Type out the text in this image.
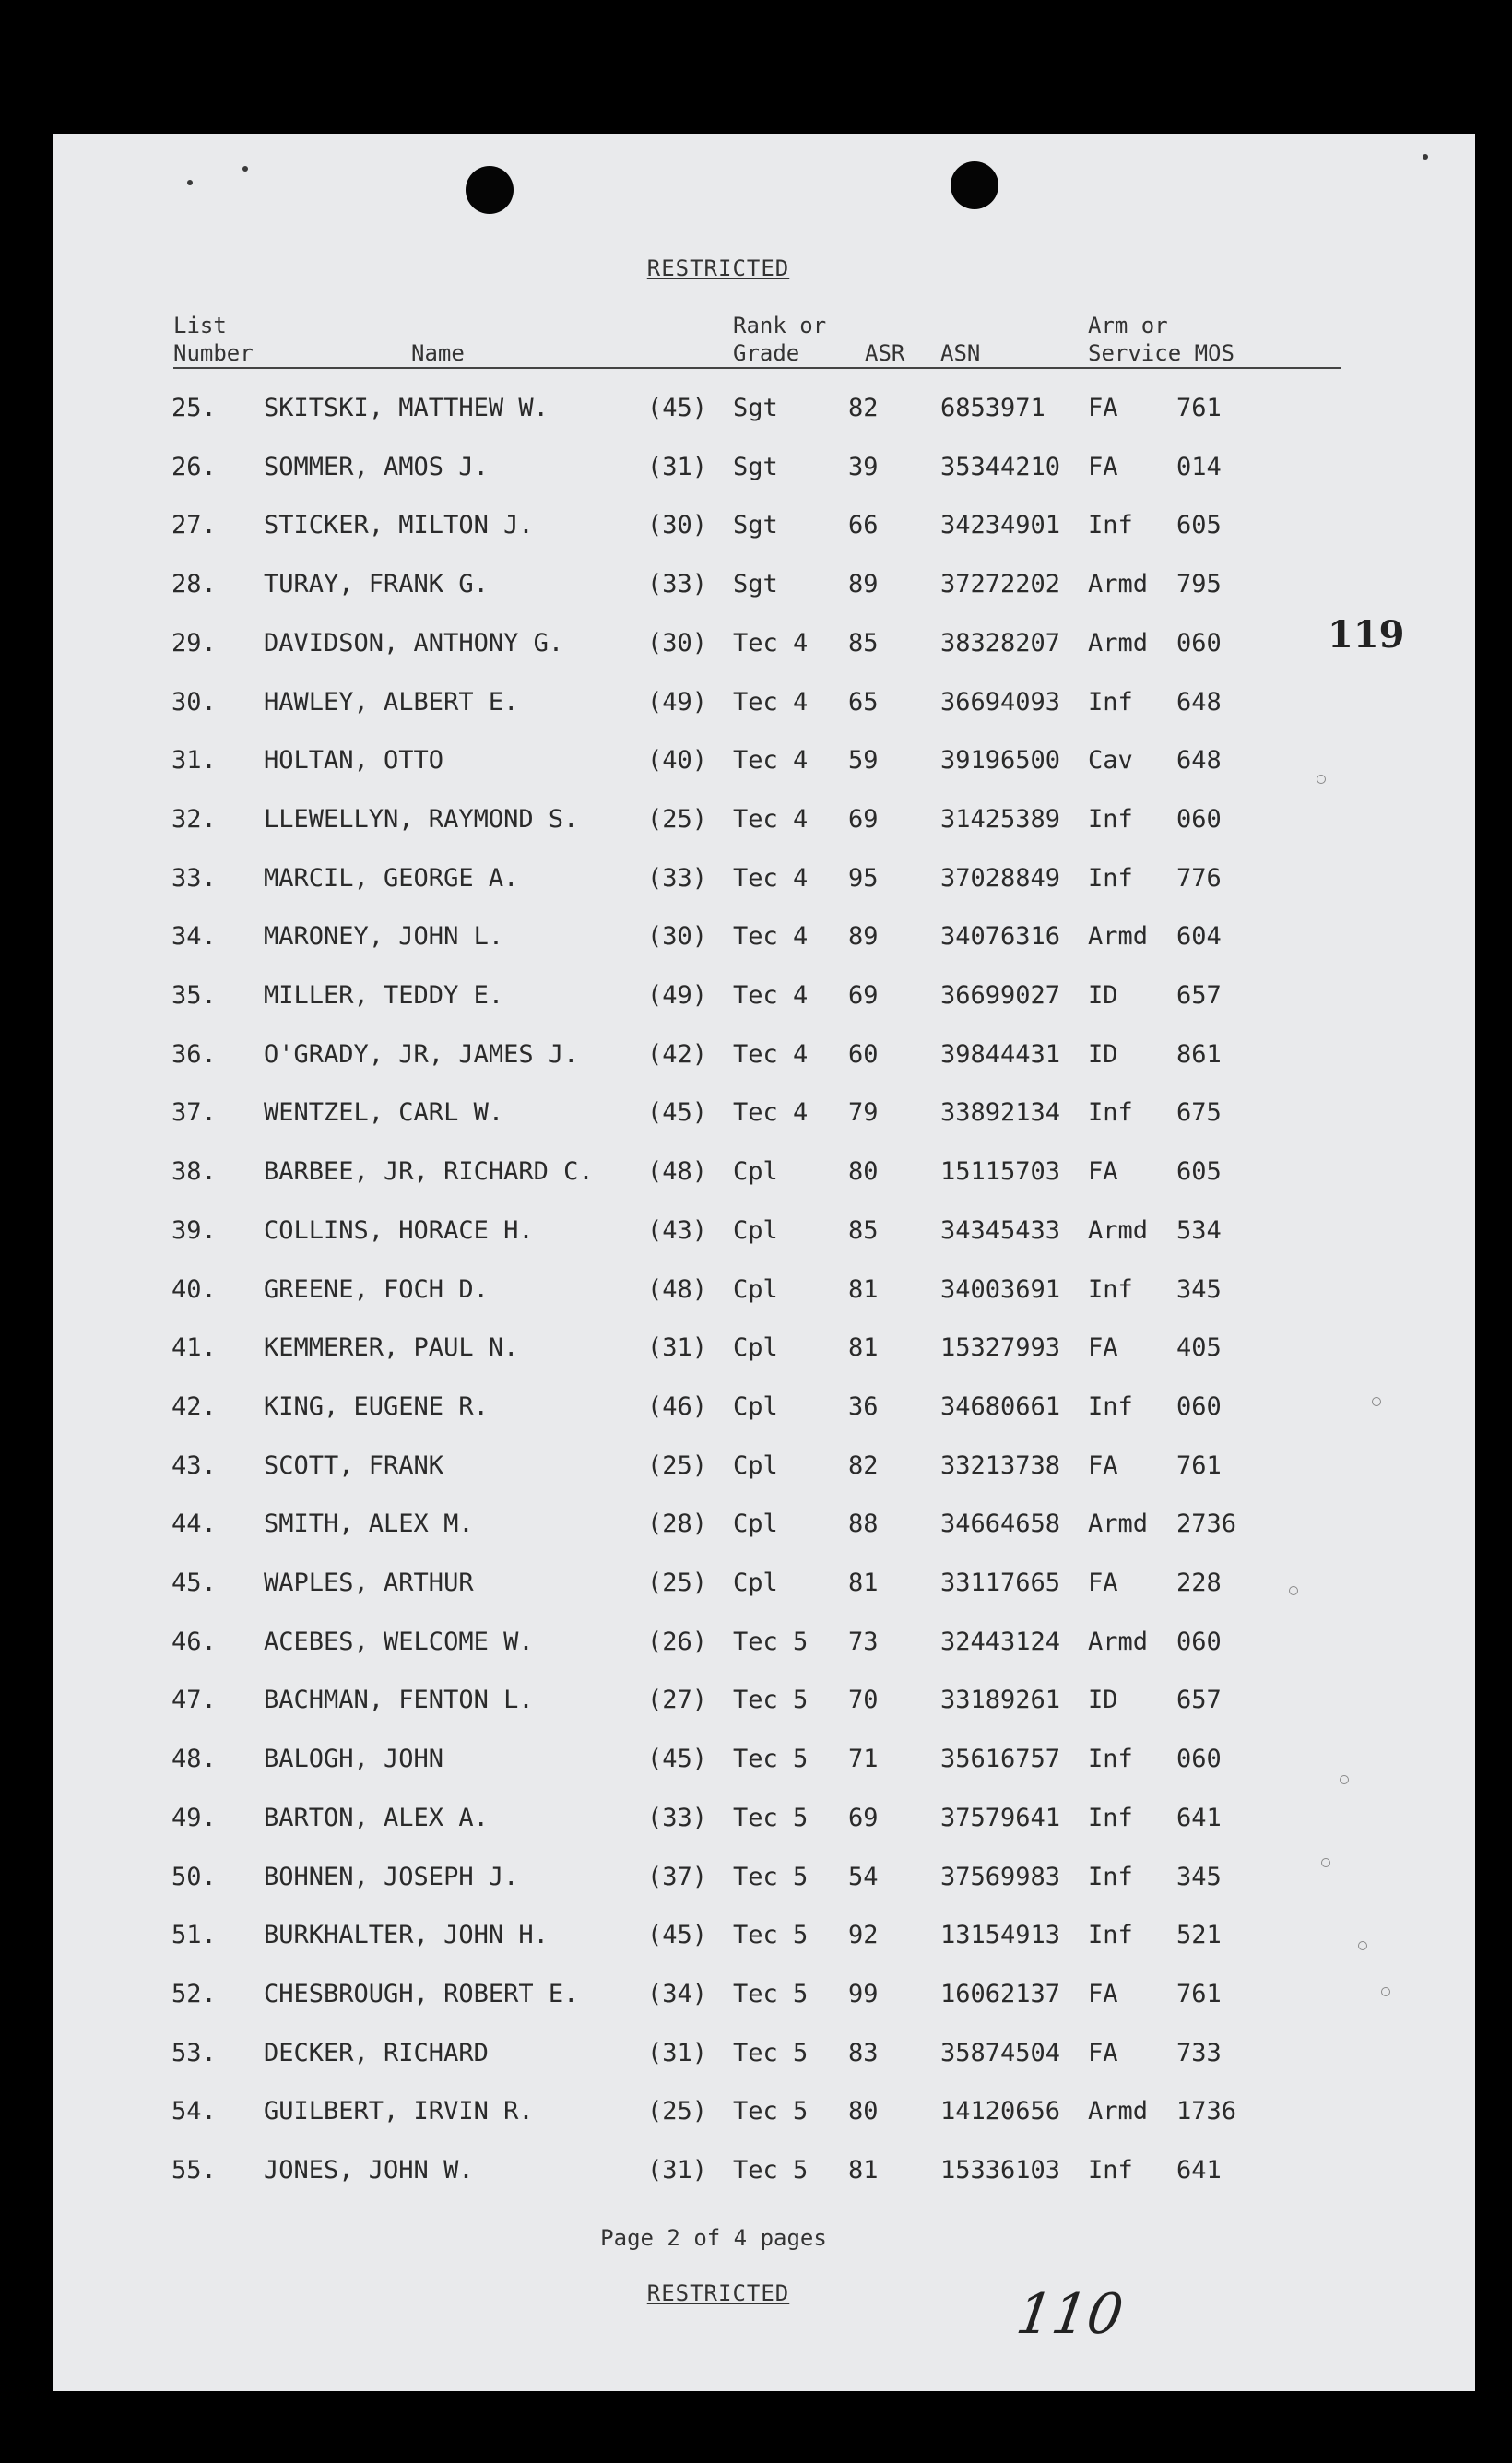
RESTRICTED
List
Number	Name
Rank or
Grade	ASR ASN
Arm or
Service MOS
25. SKITSKI, MATTHEW W.	(45) Sgt	82 6853971 FA 761
26. SOMMER, AMOS J.	(31) Sgt	39 35344210 FA 014
27. STICKER, MILTON J.	(30) Sgt	66 34234901 Inf 605
28. TURAY, FRANK G.	(33) Sgt	89 37272202 Armd 795
29. DAVIDSON, ANTHONY G.	(30) Tec 4 85 38328207 Armd 060
30. HAWLEY, ALBERT E.	(49) Tec 4 65 36694093 Inf 648
31. HOLTAN, OTTO	(40) Tec 4 59 39196500 Cav 648
32. LLEWELLYN, RAYMOND S.	(25) Tec 4 69 31425389 Inf 060
33. MARCIL, GEORGE A.	(33) Tec 4 95 37028849 Inf 776
34. MARONEY, JOHN L.	(30) Tec 4 89 34076316 Armd 604
35. MILLER, TEDDY E.	(49) Tec 4 69 36699027 ID 657
36. O'GRADY, JR, JAMES J.	(42) Tec 4 60 39844431 ID 861
37. WENTZEL, CARL W.	(45) Tec 4 79 33892134 Inf 675
38. BARBEE, JR, RICHARD C. (48) Cpl	80 15115703 FA 605
39. COLLINS, HORACE H.	(43) Cpl	85 34345433 Armd 534
40. GREENE, FOCH D.	(48) Cpl	81 34003691 Inf 345
41. KEMMERER, PAUL N.	(31) Cpl	81 15327993 FA 405
42. KING, EUGENE R.	(46) Cpl	36 34680661 Inf 060
43. SCOTT, FRANK	(25) Cpl	82 33213738 FA 761
44. SMITH, ALEX M.	(28) Cpl	88 34664658 Armd 2736
45. WAPLES, ARTHUR	(25) Cpl	81 33117665 FA 228
46. ACEBES, WELCOME W.	(26) Tec 5 73 32443124 Armd 060
47. BACHMAN, FENTON L.	(27) Tec 5 70 33189261 ID 657
48. BALOGH, JOHN	(45) Tec 5 71 35616757 Inf 060
49. BARTON, ALEX A.	(33) Tec 5 69 37579641 Inf 641
50. BOHNEN, JOSEPH J.	(37) Tec 5 54 37569983 Inf 345
51. BURKHALTER, JOHN H.	(45) Tec 5 92 13154913 Inf 521
52. CHESBROUGH, ROBERT E.	(34) Tec 5 99 16062137 FA 761
53. DECKER, RICHARD	(31) Tec 5 83 35874504 FA 733
54. GUILBERT, IRVIN R.	(25) Tec 5 80 14120656 Armd 1736
55. JONES, JOHN W.	(31) Tec 5 81 15336103 Inf 641
119
Page 2 of 4 pages
RESTRICTED	110
